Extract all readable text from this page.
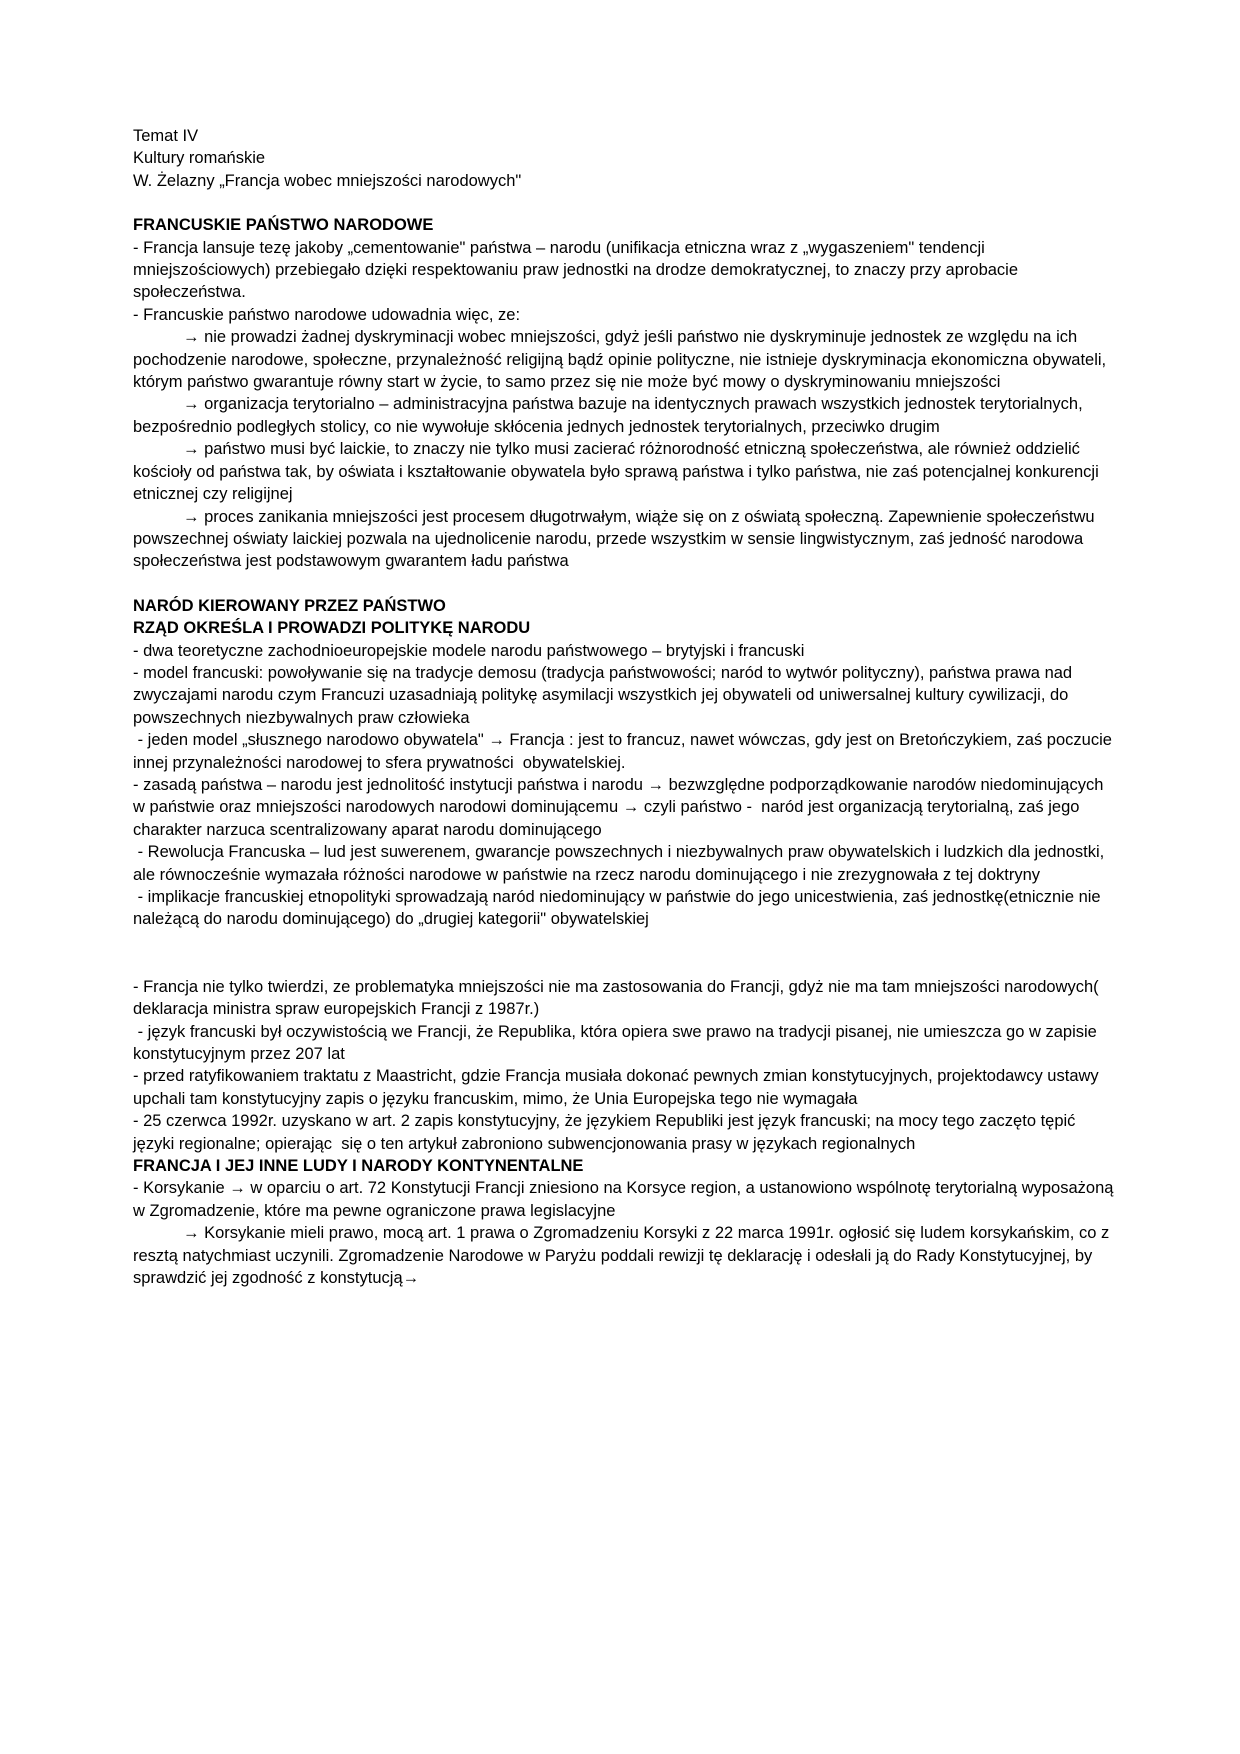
Temat IV

Kultury romańskie

W. Żelazny „Francja wobec mniejszości narodowych"

FRANCUSKIE PAŃSTWO NARODOWE

- Francja lansuje tezę jakoby „cementowanie" państwa – narodu (unifikacja etniczna wraz z „wygaszeniem" tendencji mniejszościowych) przebiegało dzięki respektowaniu praw jednostki na drodze demokratycznej, to znaczy przy aprobacie społeczeństwa.

- Francuskie państwo narodowe udowadnia więc, ze:

→ nie prowadzi żadnej dyskryminacji wobec mniejszości, gdyż jeśli państwo nie dyskryminuje jednostek ze względu na ich pochodzenie narodowe, społeczne, przynależność religijną bądź opinie polityczne, nie istnieje dyskryminacja ekonomiczna obywateli, którym państwo gwarantuje równy start w życie, to samo przez się nie może być mowy o dyskryminowaniu mniejszości

→ organizacja terytorialno – administracyjna państwa bazuje na identycznych prawach wszystkich jednostek terytorialnych, bezpośrednio podległych stolicy, co nie wywołuje skłócenia jednych jednostek terytorialnych, przeciwko drugim

→ państwo musi być laickie, to znaczy nie tylko musi zacierać różnorodność etniczną społeczeństwa, ale również oddzielić kościoły od państwa tak, by oświata i kształtowanie obywatela było sprawą państwa i tylko państwa, nie zaś potencjalnej konkurencji etnicznej czy religijnej

→ proces zanikania mniejszości jest procesem długotrwałym, wiąże się on z oświatą społeczną. Zapewnienie społeczeństwu powszechnej oświaty laickiej pozwala na ujednolicenie narodu, przede wszystkim w sensie lingwistycznym, zaś jedność narodowa społeczeństwa jest podstawowym gwarantem ładu państwa

NARÓD KIEROWANY PRZEZ PAŃSTWO
RZĄD OKREŚLA I PROWADZI POLITYKĘ NARODU

- dwa teoretyczne zachodnioeuropejskie modele narodu państwowego – brytyjski i francuski

- model francuski: powoływanie się na tradycje demosu (tradycja państwowości; naród to wytwór polityczny), państwa prawa nad zwyczajami narodu czym Francuzi uzasadniają politykę asymilacji wszystkich jej obywateli od uniwersalnej kultury cywilizacji, do powszechnych niezbywalnych praw człowieka

- jeden model „słusznego narodowo obywatela" → Francja : jest to francuz, nawet wówczas, gdy jest on Bretończykiem, zaś poczucie innej przynależności narodowej to sfera prywatności  obywatelskiej.

- zasadą państwa – narodu jest jednolitość instytucji państwa i narodu → bezwzględne podporządkowanie narodów niedominujących w państwie oraz mniejszości narodowych narodowi dominującemu → czyli państwo -  naród jest organizacją terytorialną, zaś jego charakter narzuca scentralizowany aparat narodu dominującego

- Rewolucja Francuska – lud jest suwerenem, gwarancje powszechnych i niezbywalnych praw obywatelskich i ludzkich dla jednostki, ale równocześnie wymazała różności narodowe w państwie na rzecz narodu dominującego i nie zrezygnowała z tej doktryny

- implikacje francuskiej etnopolityki sprowadzają naród niedominujący w państwie do jego unicestwienia, zaś jednostkę(etnicznie nie należącą do narodu dominującego) do „drugiej kategorii" obywatelskiej

- Francja nie tylko twierdzi, ze problematyka mniejszości nie ma zastosowania do Francji, gdyż nie ma tam mniejszości narodowych( deklaracja ministra spraw europejskich Francji z 1987r.)

- język francuski był oczywistością we Francji, że Republika, która opiera swe prawo na tradycji pisanej, nie umieszcza go w zapisie konstytucyjnym przez 207 lat

- przed ratyfikowaniem traktatu z Maastricht, gdzie Francja musiała dokonać pewnych zmian konstytucyjnych, projektodawcy ustawy upchali tam konstytucyjny zapis o języku francuskim, mimo, że Unia Europejska tego nie wymagała

- 25 czerwca 1992r. uzyskano w art. 2 zapis konstytucyjny, że językiem Republiki jest język francuski; na mocy tego zaczęto tępić języki regionalne; opierając  się o ten artykuł zabroniono subwencjonowania prasy w językach regionalnych

FRANCJA I JEJ INNE LUDY I NARODY KONTYNENTALNE

- Korsykanie → w oparciu o art. 72 Konstytucji Francji zniesiono na Korsyce region, a ustanowiono wspólnotę terytorialną wyposażoną w Zgromadzenie, które ma pewne ograniczone prawa legislacyjne

→ Korsykanie mieli prawo, mocą art. 1 prawa o Zgromadzeniu Korsyki z 22 marca 1991r. ogłosić się ludem korsykańskim, co z resztą natychmiast uczynili. Zgromadzenie Narodowe w Paryżu poddali rewizji tę deklarację i odesłali ją do Rady Konstytucyjnej, by sprawdzić jej zgodność z konstytucją→
